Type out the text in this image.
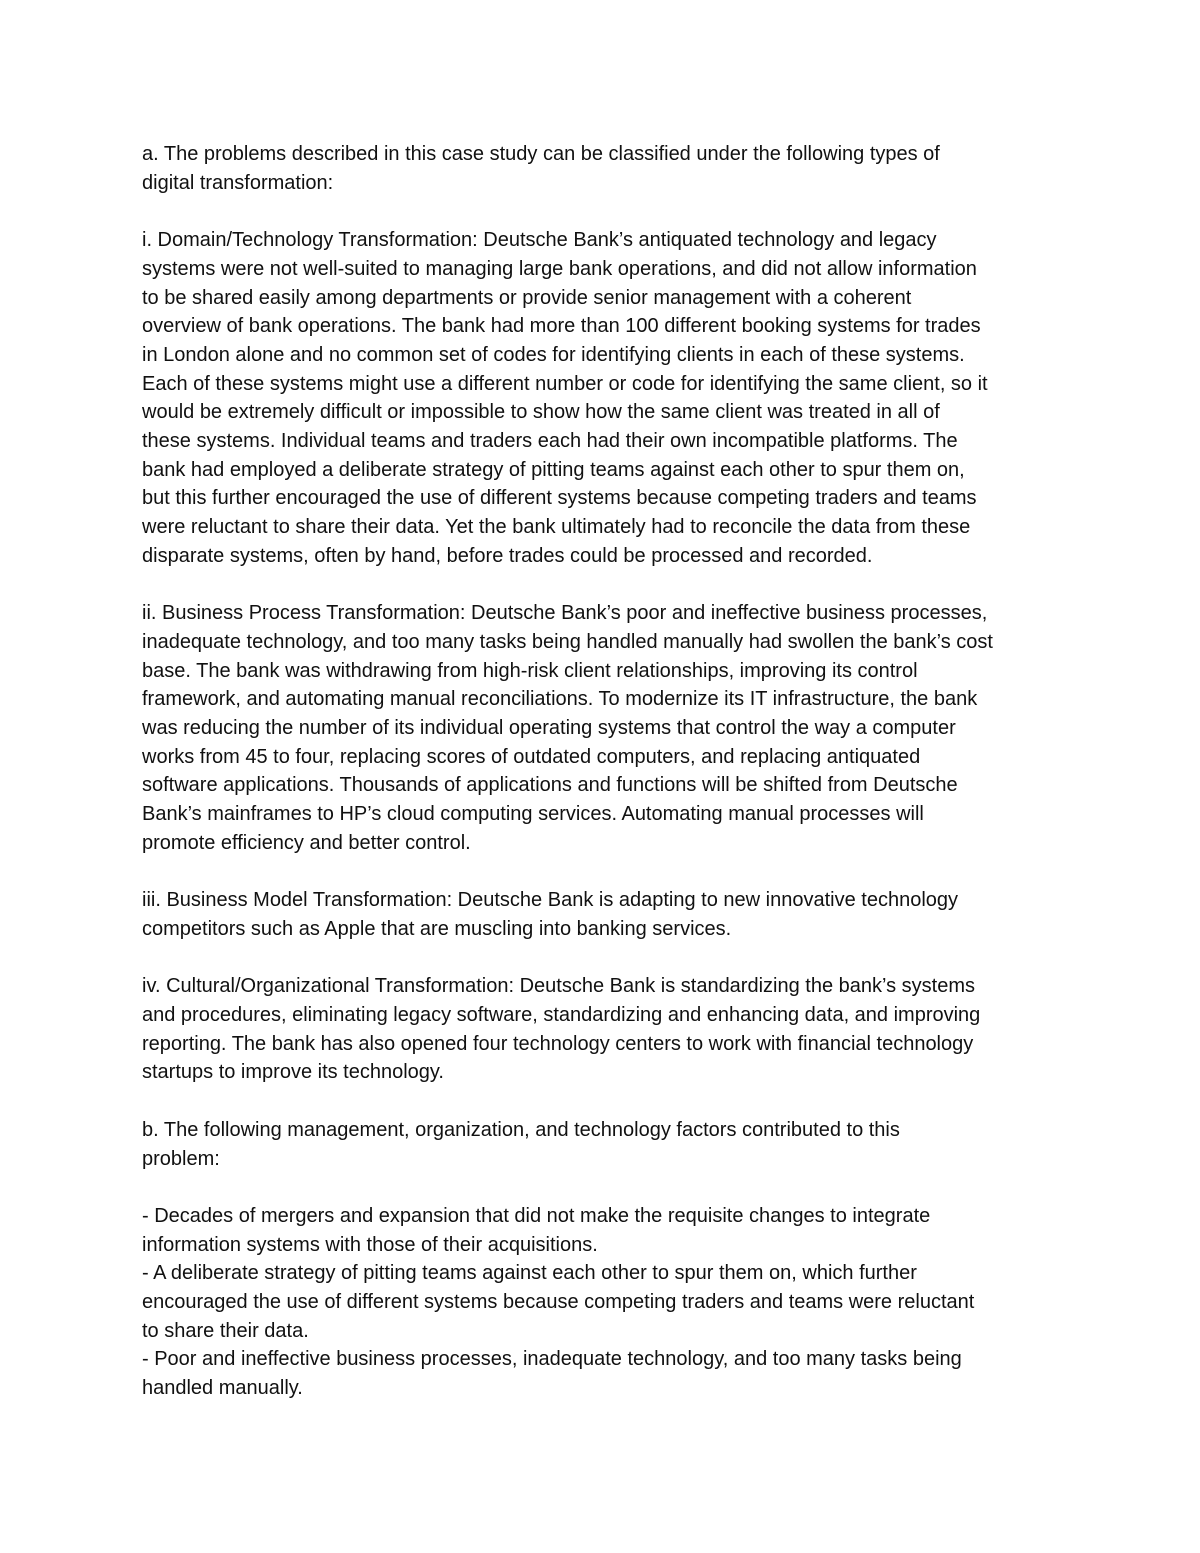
a. The problems described in this case study can be classified under the following types of
digital transformation:

i. Domain/Technology Transformation: Deutsche Bank’s antiquated technology and legacy
systems were not well-suited to managing large bank operations, and did not allow information
to be shared easily among departments or provide senior management with a coherent
overview of bank operations. The bank had more than 100 different booking systems for trades
in London alone and no common set of codes for identifying clients in each of these systems.
Each of these systems might use a different number or code for identifying the same client, so it
would be extremely difficult or impossible to show how the same client was treated in all of
these systems. Individual teams and traders each had their own incompatible platforms. The
bank had employed a deliberate strategy of pitting teams against each other to spur them on,
but this further encouraged the use of different systems because competing traders and teams
were reluctant to share their data. Yet the bank ultimately had to reconcile the data from these
disparate systems, often by hand, before trades could be processed and recorded.

ii. Business Process Transformation: Deutsche Bank’s poor and ineffective business processes,
inadequate technology, and too many tasks being handled manually had swollen the bank’s cost
base. The bank was withdrawing from high-risk client relationships, improving its control
framework, and automating manual reconciliations. To modernize its IT infrastructure, the bank
was reducing the number of its individual operating systems that control the way a computer
works from 45 to four, replacing scores of outdated computers, and replacing antiquated
software applications. Thousands of applications and functions will be shifted from Deutsche
Bank’s mainframes to HP’s cloud computing services. Automating manual processes will
promote efficiency and better control.

iii. Business Model Transformation: Deutsche Bank is adapting to new innovative technology
competitors such as Apple that are muscling into banking services.

iv. Cultural/Organizational Transformation: Deutsche Bank is standardizing the bank’s systems
and procedures, eliminating legacy software, standardizing and enhancing data, and improving
reporting. The bank has also opened four technology centers to work with financial technology
startups to improve its technology.

b. The following management, organization, and technology factors contributed to this
problem:

- Decades of mergers and expansion that did not make the requisite changes to integrate
information systems with those of their acquisitions.
- A deliberate strategy of pitting teams against each other to spur them on, which further
encouraged the use of different systems because competing traders and teams were reluctant
to share their data.
- Poor and ineffective business processes, inadequate technology, and too many tasks being
handled manually.
